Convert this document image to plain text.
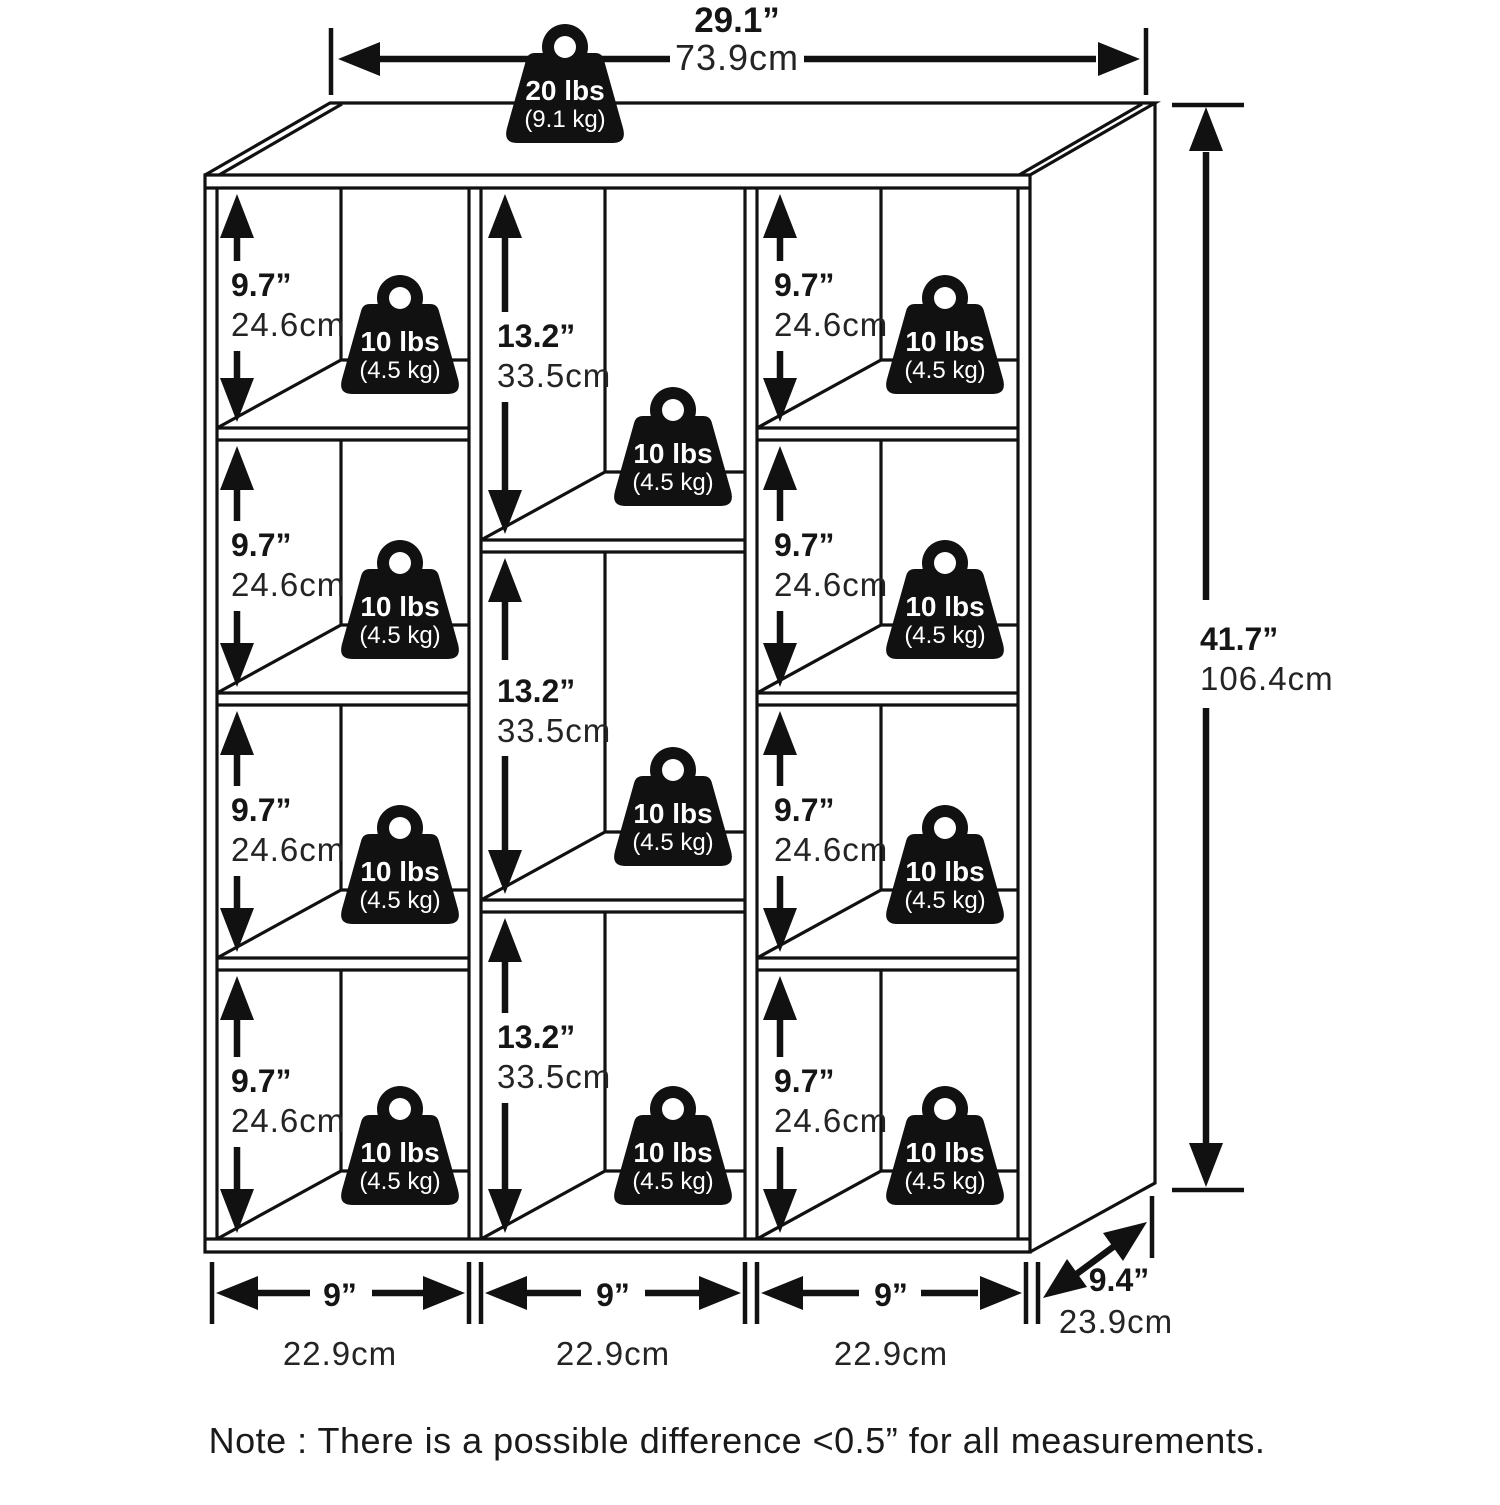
29.1”
73.9cm
41.7”
106.4cm
9.4”
23.9cm
9”
22.9cm
9”
22.9cm
9”
22.9cm
9.7”
24.6cm
9.7”
24.6cm
9.7”
24.6cm
9.7”
24.6cm
13.2”
33.5cm
13.2”
33.5cm
13.2”
33.5cm
9.7”
24.6cm
9.7”
24.6cm
9.7”
24.6cm
9.7”
24.6cm
20 lbs
(9.1 kg)
10 lbs
(4.5 kg)
10 lbs
(4.5 kg)
10 lbs
(4.5 kg)
10 lbs
(4.5 kg)
10 lbs
(4.5 kg)
10 lbs
(4.5 kg)
10 lbs
(4.5 kg)
10 lbs
(4.5 kg)
10 lbs
(4.5 kg)
10 lbs
(4.5 kg)
10 lbs
(4.5 kg)
Note : There is a possible difference <0.5” for all measurements.
